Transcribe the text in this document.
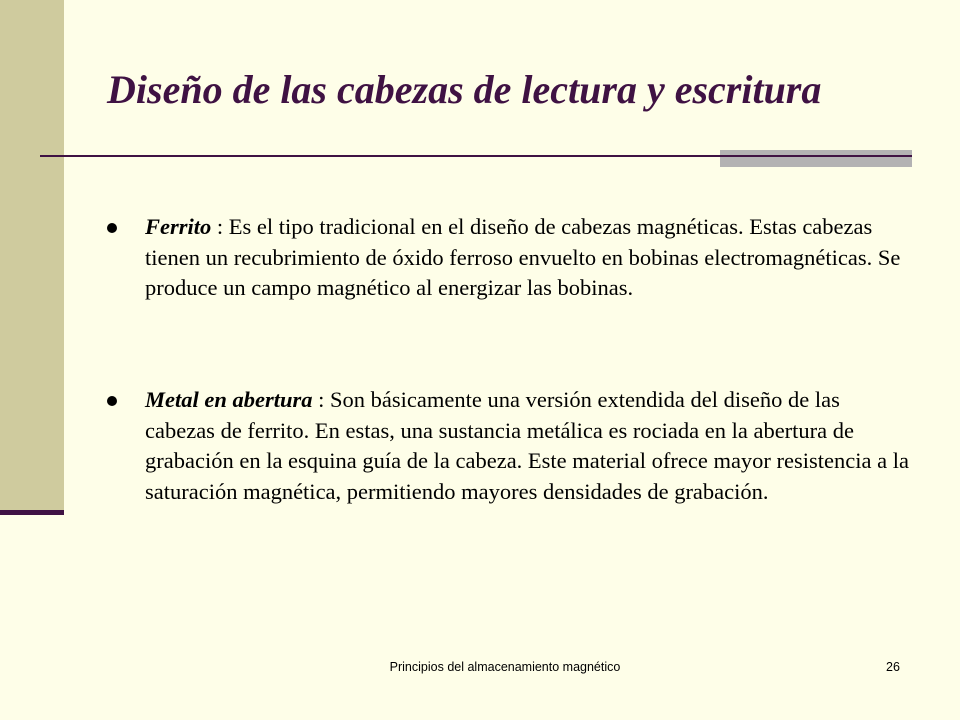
Diseño de las cabezas de lectura y escritura
Ferrito : Es el tipo tradicional en el diseño de cabezas magnéticas. Estas cabezas tienen un recubrimiento de óxido ferroso envuelto en bobinas electromagnéticas. Se produce un campo magnético al energizar las bobinas.
Metal en abertura : Son básicamente una versión extendida del diseño de las cabezas de ferrito. En estas, una sustancia metálica es rociada en la abertura de grabación en la esquina guía de la cabeza. Este material ofrece mayor resistencia a la saturación magnética, permitiendo mayores densidades de grabación.
Principios del almacenamiento magnético	26
